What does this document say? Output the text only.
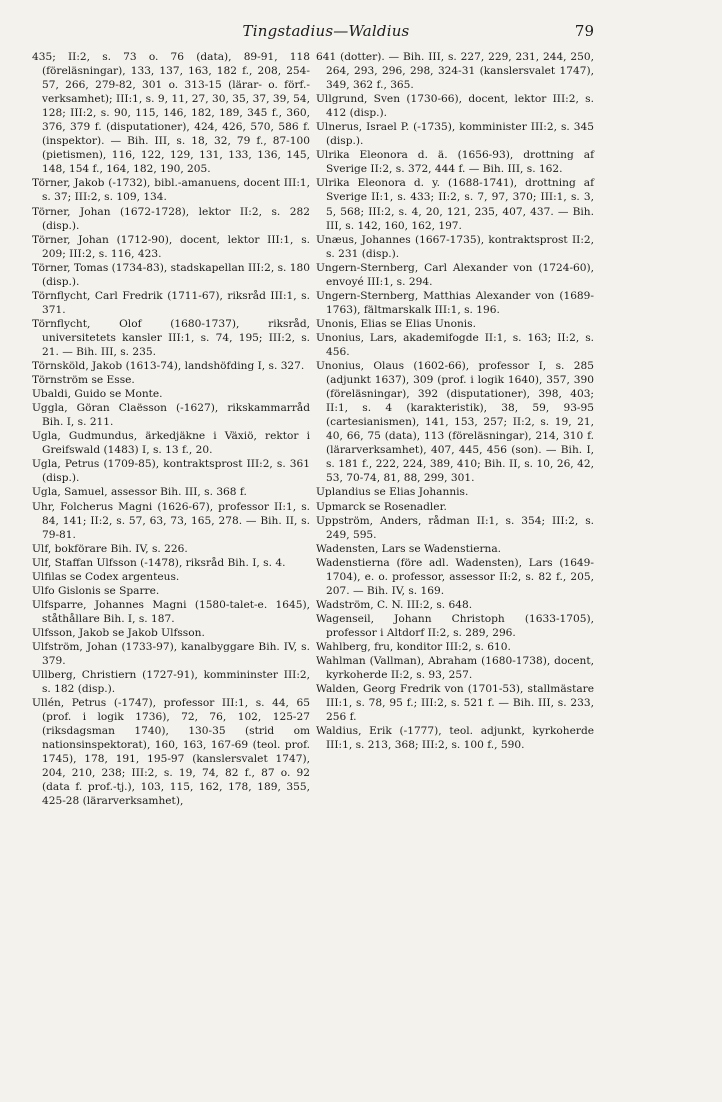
Tingstadius—Waldius	79

435; II:2, s. 73 o. 76 (data), 89-91, 118 (föreläsningar), 133, 137, 163, 182 f., 208, 254-57, 266, 279-82, 301 o. 313-15 (lärar- o. förf.-verksamhet); III:1, s. 9, 11, 27, 30, 35, 37, 39, 54, 128; III:2, s. 90, 115, 146, 182, 189, 345 f., 360, 376, 379 f. (disputationer), 424, 426, 570, 586 f. (inspektor). — Bih. III, s. 18, 32, 79 f., 87-100 (pietismen), 116, 122, 129, 131, 133, 136, 145, 148, 154 f., 164, 182, 190, 205.

Törner, Jakob (-1732), bibl.-amanuens, docent III:1, s. 37; III:2, s. 109, 134.

Törner, Johan (1672-1728), lektor II:2, s. 282 (disp.).

Törner, Johan (1712-90), docent, lektor III:1, s. 209; III:2, s. 116, 423.

Törner, Tomas (1734-83), stadskapellan III:2, s. 180 (disp.).

Törnflycht, Carl Fredrik (1711-67), riksråd III:1, s. 371.

Törnflycht, Olof (1680-1737), riksråd, universitetets kansler III:1, s. 74, 195; III:2, s. 21. — Bih. III, s. 235.

Törnsköld, Jakob (1613-74), landshöfding I, s. 327.

Törnström se Esse.

Ubaldi, Guido se Monte.

Uggla, Göran Claësson (-1627), rikskammarråd Bih. I, s. 211.

Ugla, Gudmundus, ärkedjäkne i Växiö, rektor i Greifswald (1483) I, s. 13 f., 20.

Ugla, Petrus (1709-85), kontraktsprost III:2, s. 361 (disp.).

Ugla, Samuel, assessor Bih. III, s. 368 f.

Uhr, Folcherus Magni (1626-67), professor II:1, s. 84, 141; II:2, s. 57, 63, 73, 165, 278. — Bih. II, s. 79-81.

Ulf, bokförare Bih. IV, s. 226.

Ulf, Staffan Ulfsson (-1478), riksråd Bih. I, s. 4.

Ulfilas se Codex argenteus.

Ulfo Gislonis se Sparre.

Ulfsparre, Johannes Magni (1580-talet-e. 1645), ståthållare Bih. I, s. 187.

Ulfsson, Jakob se Jakob Ulfsson.

Ulfström, Johan (1733-97), kanalbyggare Bih. IV, s. 379.

Ullberg, Christiern (1727-91), kommininster III:2, s. 182 (disp.).

Ullén, Petrus (-1747), professor III:1, s. 44, 65 (prof. i logik 1736), 72, 76, 102, 125-27 (riksdagsman 1740), 130-35 (strid om nationsinspektorat), 160, 163, 167-69 (teol. prof. 1745), 178, 191, 195-97 (kanslersvalet 1747), 204, 210, 238; III:2, s. 19, 74, 82 f., 87 o. 92 (data f. prof.-tj.), 103, 115, 162, 178, 189, 355, 425-28 (lärarverksamhet),

641 (dotter). — Bih. III, s. 227, 229, 231, 244, 250, 264, 293, 296, 298, 324-31 (kanslersvalet 1747), 349, 362 f., 365.

Ullgrund, Sven (1730-66), docent, lektor III:2, s. 412 (disp.).

Ulnerus, Israel P. (-1735), komminister III:2, s. 345 (disp.).

Ulrika Eleonora d. ä. (1656-93), drottning af Sverige II:2, s. 372, 444 f. — Bih. III, s. 162.

Ulrika Eleonora d. y. (1688-1741), drottning af Sverige II:1, s. 433; II:2, s. 7, 97, 370; III:1, s. 3, 5, 568; III:2, s. 4, 20, 121, 235, 407, 437. — Bih. III, s. 142, 160, 162, 197.

Unæus, Johannes (1667-1735), kontraktsprost II:2, s. 231 (disp.).

Ungern-Sternberg, Carl Alexander von (1724-60), envoyé III:1, s. 294.

Ungern-Sternberg, Matthias Alexander von (1689-1763), fältmarskalk III:1, s. 196.

Unonis, Elias se Elias Unonis.

Unonius, Lars, akademifogde II:1, s. 163; II:2, s. 456.

Unonius, Olaus (1602-66), professor I, s. 285 (adjunkt 1637), 309 (prof. i logik 1640), 357, 390 (föreläsningar), 392 (disputationer), 398, 403; II:1, s. 4 (karakteristik), 38, 59, 93-95 (cartesianismen), 141, 153, 257; II:2, s. 19, 21, 40, 66, 75 (data), 113 (föreläsningar), 214, 310 f. (lärarverksamhet), 407, 445, 456 (son). — Bih. I, s. 181 f., 222, 224, 389, 410; Bih. II, s. 10, 26, 42, 53, 70-74, 81, 88, 299, 301.

Uplandius se Elias Johannis.

Upmarck se Rosenadler.

Uppström, Anders, rådman II:1, s. 354; III:2, s. 249, 595.

Wadensten, Lars se Wadenstierna.

Wadenstierna (före adl. Wadensten), Lars (1649-1704), e. o. professor, assessor II:2, s. 82 f., 205, 207. — Bih. IV, s. 169.

Wadström, C. N. III:2, s. 648.

Wagenseil, Johann Christoph (1633-1705), professor i Altdorf II:2, s. 289, 296.

Wahlberg, fru, konditor III:2, s. 610.

Wahlman (Vallman), Abraham (1680-1738), docent, kyrkoherde II:2, s. 93, 257.

Walden, Georg Fredrik von (1701-53), stallmästare III:1, s. 78, 95 f.; III:2, s. 521 f. — Bih. III, s. 233, 256 f.

Waldius, Erik (-1777), teol. adjunkt, kyrkoherde III:1, s. 213, 368; III:2, s. 100 f., 590.
